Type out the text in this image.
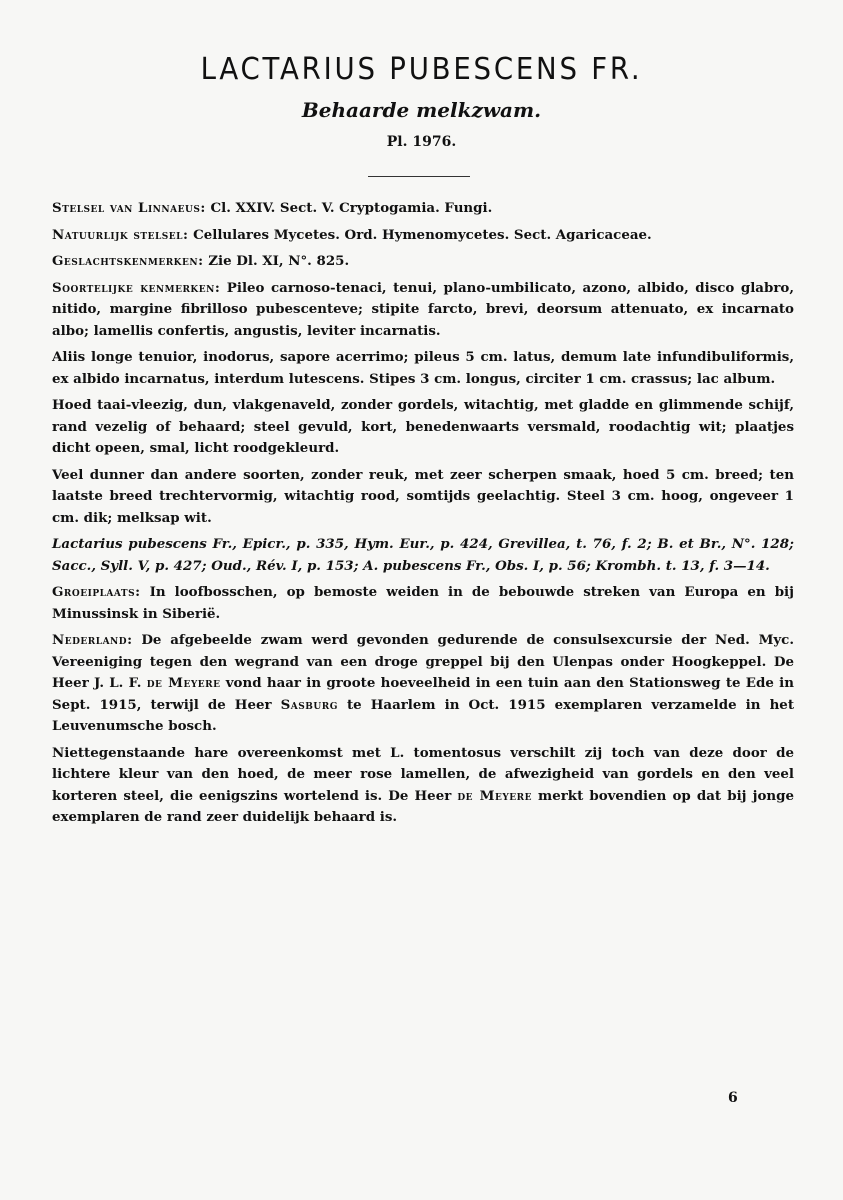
LACTARIUS PUBESCENS FR.
Behaarde melkzwam.
Pl. 1976.

Stelsel van Linnaeus: Cl. XXIV. Sect. V. Cryptogamia. Fungi.

Natuurlijk stelsel: Cellulares Mycetes. Ord. Hymenomycetes. Sect. Agaricaceae.

Geslachtskenmerken: Zie Dl. XI, N°. 825.

Soortelijke kenmerken: Pileo carnoso-tenaci, tenui, plano-umbilicato, azono, albido, disco glabro, nitido, margine fibrilloso pubescenteve; stipite farcto, brevi, deorsum attenuato, ex incarnato albo; lamellis confertis, angustis, leviter incarnatis.

Aliis longe tenuior, inodorus, sapore acerrimo; pileus 5 cm. latus, demum late infundibuliformis, ex albido incarnatus, interdum lutescens. Stipes 3 cm. longus, circiter 1 cm. crassus; lac album.

Hoed taai-vleezig, dun, vlakgenaveld, zonder gordels, witachtig, met gladde en glimmende schijf, rand vezelig of behaard; steel gevuld, kort, benedenwaarts versmald, roodachtig wit; plaatjes dicht opeen, smal, licht roodgekleurd.

Veel dunner dan andere soorten, zonder reuk, met zeer scherpen smaak, hoed 5 cm. breed; ten laatste breed trechtervormig, witachtig rood, somtijds geelachtig. Steel 3 cm. hoog, ongeveer 1 cm. dik; melksap wit.

Lactarius pubescens Fr., Epicr., p. 335, Hym. Eur., p. 424, Grevillea, t. 76, f. 2; B. et Br., N°. 128; Sacc., Syll. V, p. 427; Oud., Rév. I, p. 153; A. pubescens Fr., Obs. I, p. 56; Krombh. t. 13, f. 3—14.

Groeiplaats: In loofbosschen, op bemoste weiden in de bebouwde streken van Europa en bij Minussinsk in Siberië.

Nederland: De afgebeelde zwam werd gevonden gedurende de consulsexcursie der Ned. Myc. Vereeniging tegen den wegrand van een droge greppel bij den Ulenpas onder Hoogkeppel. De Heer J. L. F. de Meyere vond haar in groote hoeveelheid in een tuin aan den Stationsweg te Ede in Sept. 1915, terwijl de Heer Sasburg te Haarlem in Oct. 1915 exemplaren verzamelde in het Leuvenumsche bosch.

Niettegenstaande hare overeenkomst met L. tomentosus verschilt zij toch van deze door de lichtere kleur van den hoed, de meer rose lamellen, de afwezigheid van gordels en den veel korteren steel, die eenigszins wortelend is. De Heer de Meyere merkt bovendien op dat bij jonge exemplaren de rand zeer duidelijk behaard is.

6
